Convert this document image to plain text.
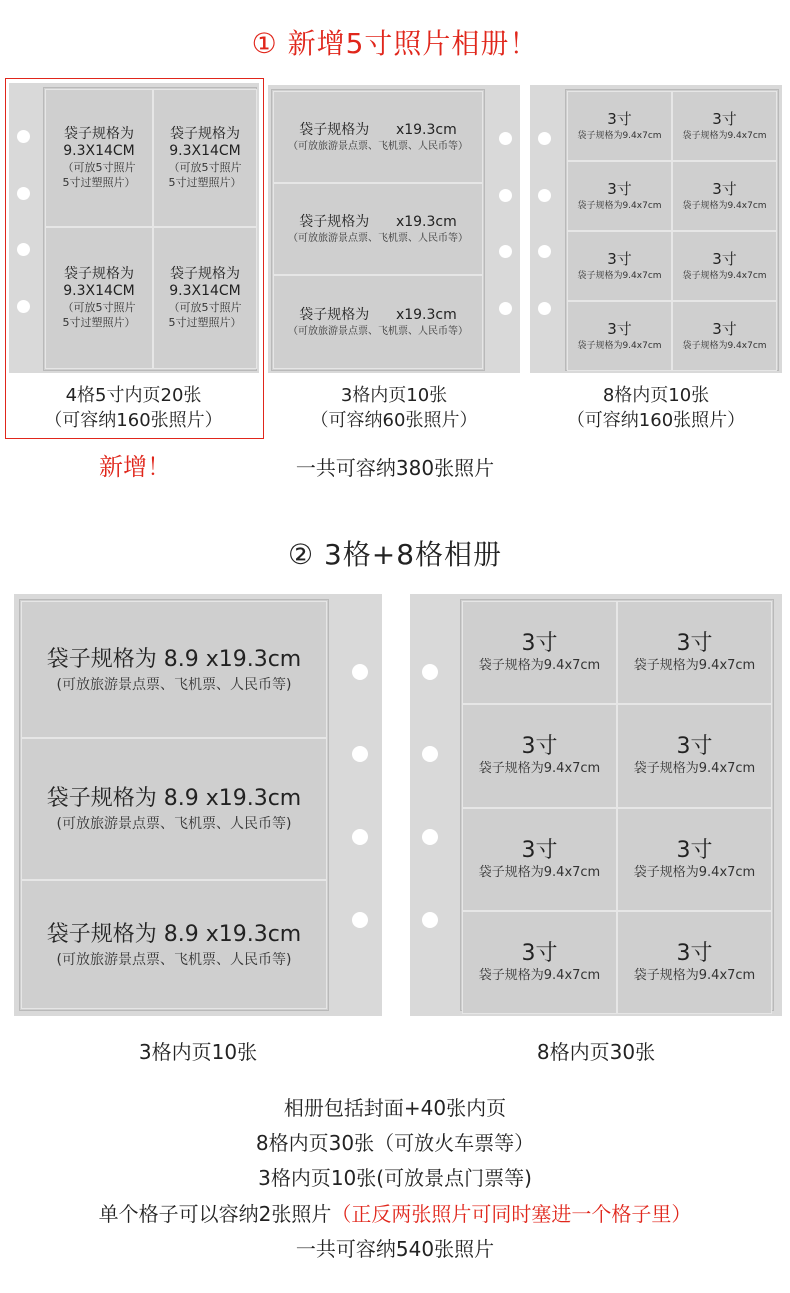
① 新增5寸照片相册！
袋子规格为
9.3X14CM
（可放5寸照片
5寸过塑照片）
袋子规格为
9.3X14CM
（可放5寸照片
5寸过塑照片）
袋子规格为
9.3X14CM
（可放5寸照片
5寸过塑照片）
袋子规格为
9.3X14CM
（可放5寸照片
5寸过塑照片）
4格5寸内页20张
（可容纳160张照片）
新增！
袋子规格为 x19.3cm
（可放旅游景点票、飞机票、人民币等）
袋子规格为 x19.3cm
（可放旅游景点票、飞机票、人民币等）
袋子规格为 x19.3cm
（可放旅游景点票、飞机票、人民币等）
3格内页10张
（可容纳60张照片）
3寸
袋子规格为9.4x7cm
3寸
袋子规格为9.4x7cm
3寸
袋子规格为9.4x7cm
3寸
袋子规格为9.4x7cm
3寸
袋子规格为9.4x7cm
3寸
袋子规格为9.4x7cm
3寸
袋子规格为9.4x7cm
3寸
袋子规格为9.4x7cm
8格内页10张
（可容纳160张照片）
一共可容纳380张照片
② 3格+8格相册
袋子规格为 8.9 x19.3cm
(可放旅游景点票、飞机票、人民币等)
袋子规格为 8.9 x19.3cm
(可放旅游景点票、飞机票、人民币等)
袋子规格为 8.9 x19.3cm
(可放旅游景点票、飞机票、人民币等)
3格内页10张
3寸
袋子规格为9.4x7cm
3寸
袋子规格为9.4x7cm
3寸
袋子规格为9.4x7cm
3寸
袋子规格为9.4x7cm
3寸
袋子规格为9.4x7cm
3寸
袋子规格为9.4x7cm
3寸
袋子规格为9.4x7cm
3寸
袋子规格为9.4x7cm
8格内页30张
相册包括封面+40张内页
8格内页30张（可放火车票等）
3格内页10张(可放景点门票等)
单个格子可以容纳2张照片（正反两张照片可同时塞进一个格子里）
一共可容纳540张照片
